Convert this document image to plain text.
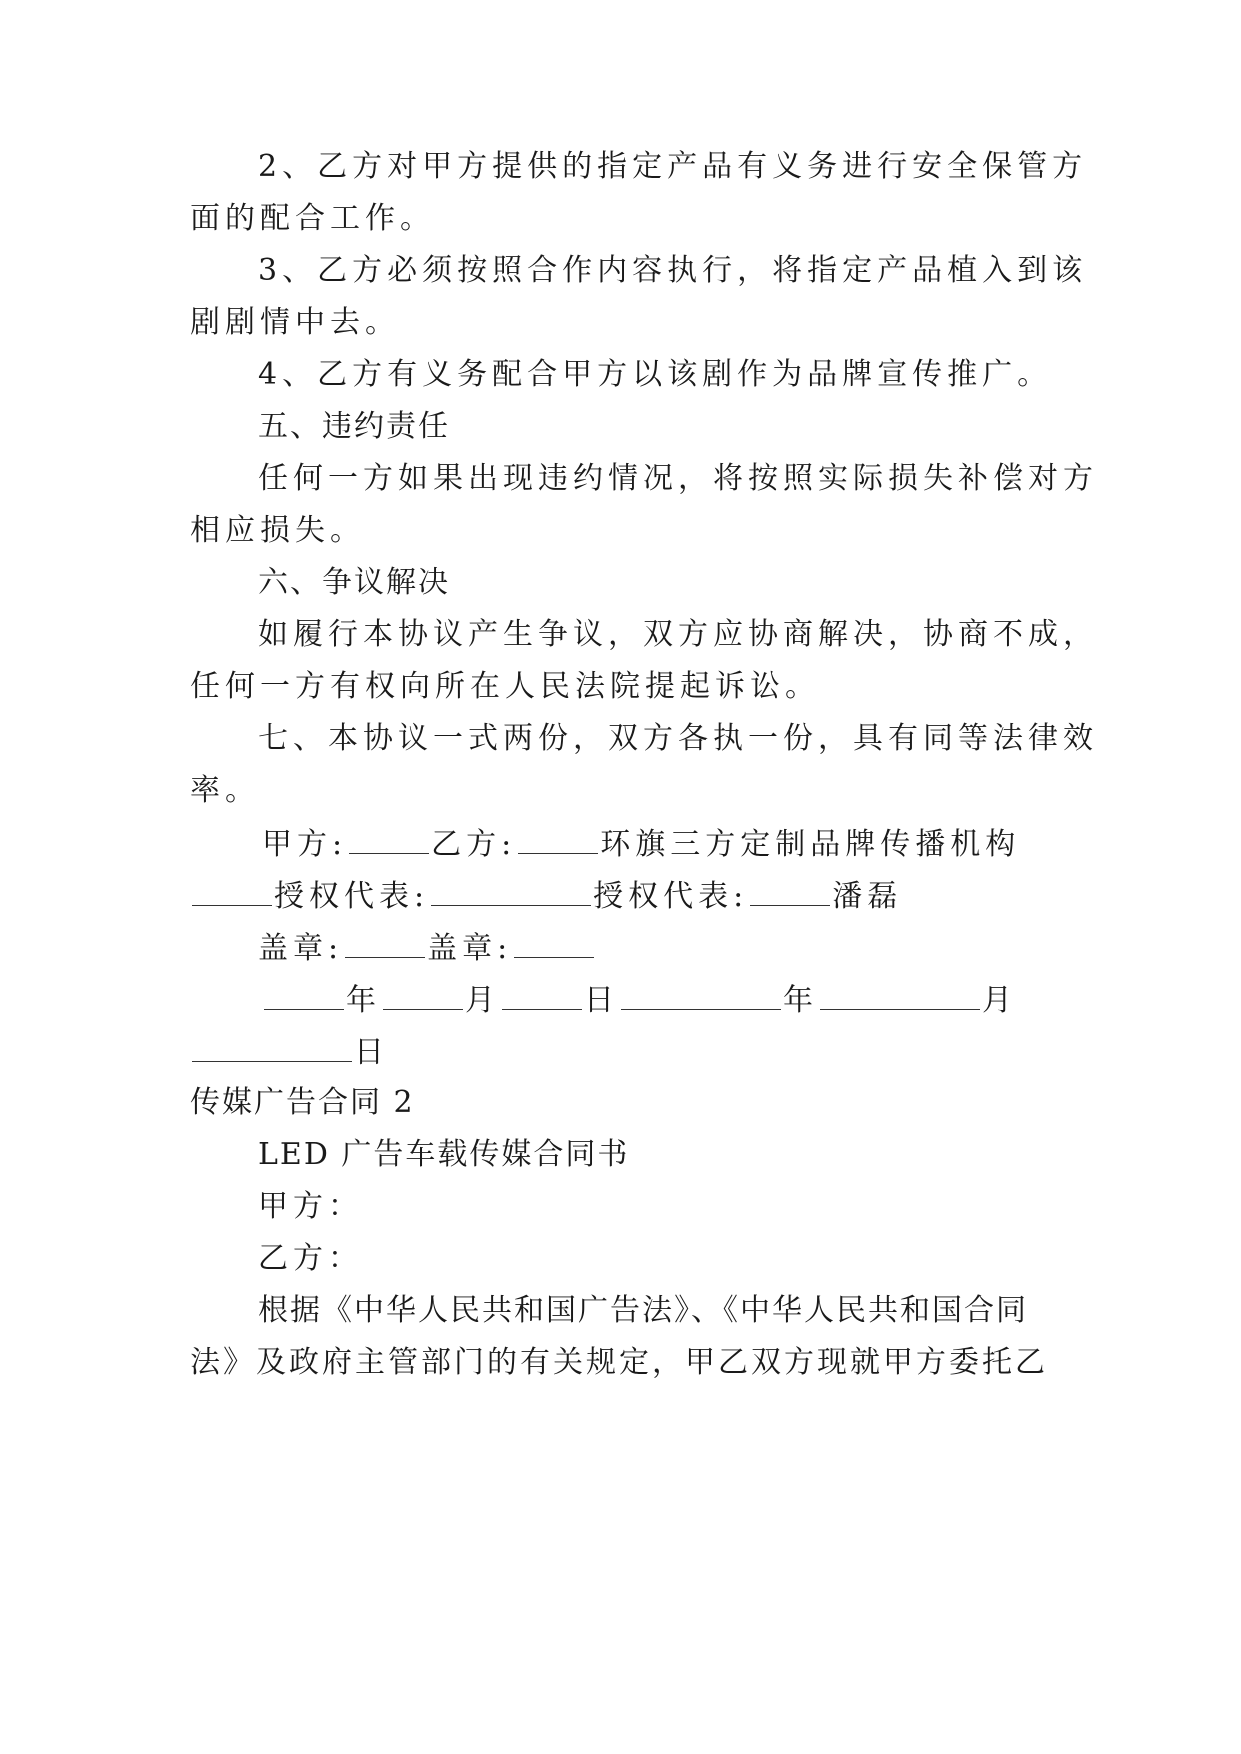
2、乙方对甲方提供的指定产品有义务进行安全保管方
面的配合工作。
3、乙方必须按照合作内容执行，将指定产品植入到该
剧剧情中去。
4、乙方有义务配合甲方以该剧作为品牌宣传推广。
五、违约责任
任何一方如果出现违约情况，将按照实际损失补偿对方
相应损失。
六、争议解决
如履行本协议产生争议，双方应协商解决，协商不成，
任何一方有权向所在人民法院提起诉讼。
七、本协议一式两份，双方各执一份，具有同等法律效
率。
甲方:	乙方:	环旗三方定制品牌传播机构
授权代表:	授权代表:	潘磊
盖章:	盖章:
年	月	日	年	月
日
传媒广告合同 2
LED 广告车载传媒合同书
甲方：
乙方：
根据《中华人民共和国广告法》、《中华人民共和国合同
法》及政府主管部门的有关规定，甲乙双方现就甲方委托乙
